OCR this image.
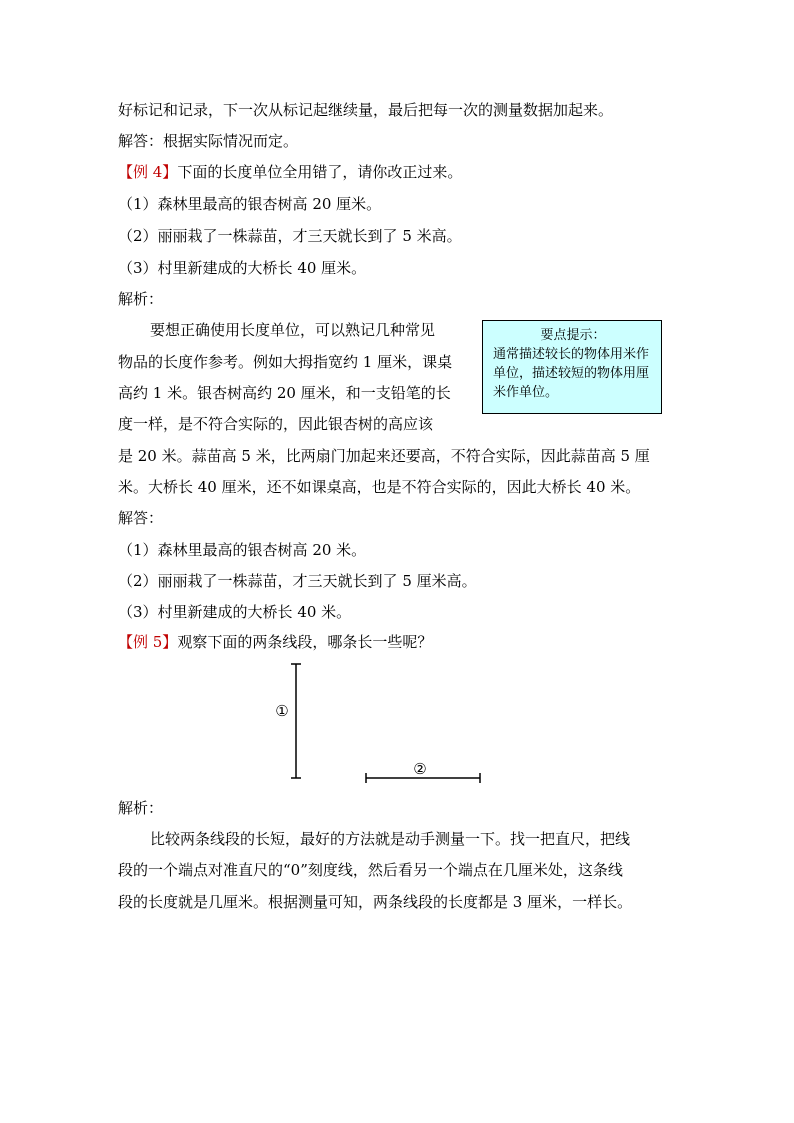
好标记和记录，下一次从标记起继续量，最后把每一次的测量数据加起来。
解答：根据实际情况而定。
【例 4】下面的长度单位全用错了，请你改正过来。
（1）森林里最高的银杏树高 20 厘米。
（2）丽丽栽了一株蒜苗，才三天就长到了 5 米高。
（3）村里新建成的大桥长 40 厘米。
解析：
要想正确使用长度单位，可以熟记几种常见
物品的长度作参考。例如大拇指宽约 1 厘米，课桌
高约 1 米。银杏树高约 20 厘米，和一支铅笔的长
度一样，是不符合实际的，因此银杏树的高应该
是 20 米。蒜苗高 5 米，比两扇门加起来还要高，不符合实际，因此蒜苗高 5 厘
米。大桥长 40 厘米，还不如课桌高，也是不符合实际的，因此大桥长 40 米。
要点提示：
通常描述较长的物体用米作单位，描述较短的物体用厘米作单位。
解答：
（1）森林里最高的银杏树高 20 米。
（2）丽丽栽了一株蒜苗，才三天就长到了 5 厘米高。
（3）村里新建成的大桥长 40 米。
【例 5】观察下面的两条线段，哪条长一些呢？
①
②
解析：
比较两条线段的长短，最好的方法就是动手测量一下。找一把直尺，把线
段的一个端点对准直尺的“0”刻度线，然后看另一个端点在几厘米处，这条线
段的长度就是几厘米。根据测量可知，两条线段的长度都是 3 厘米，一样长。
